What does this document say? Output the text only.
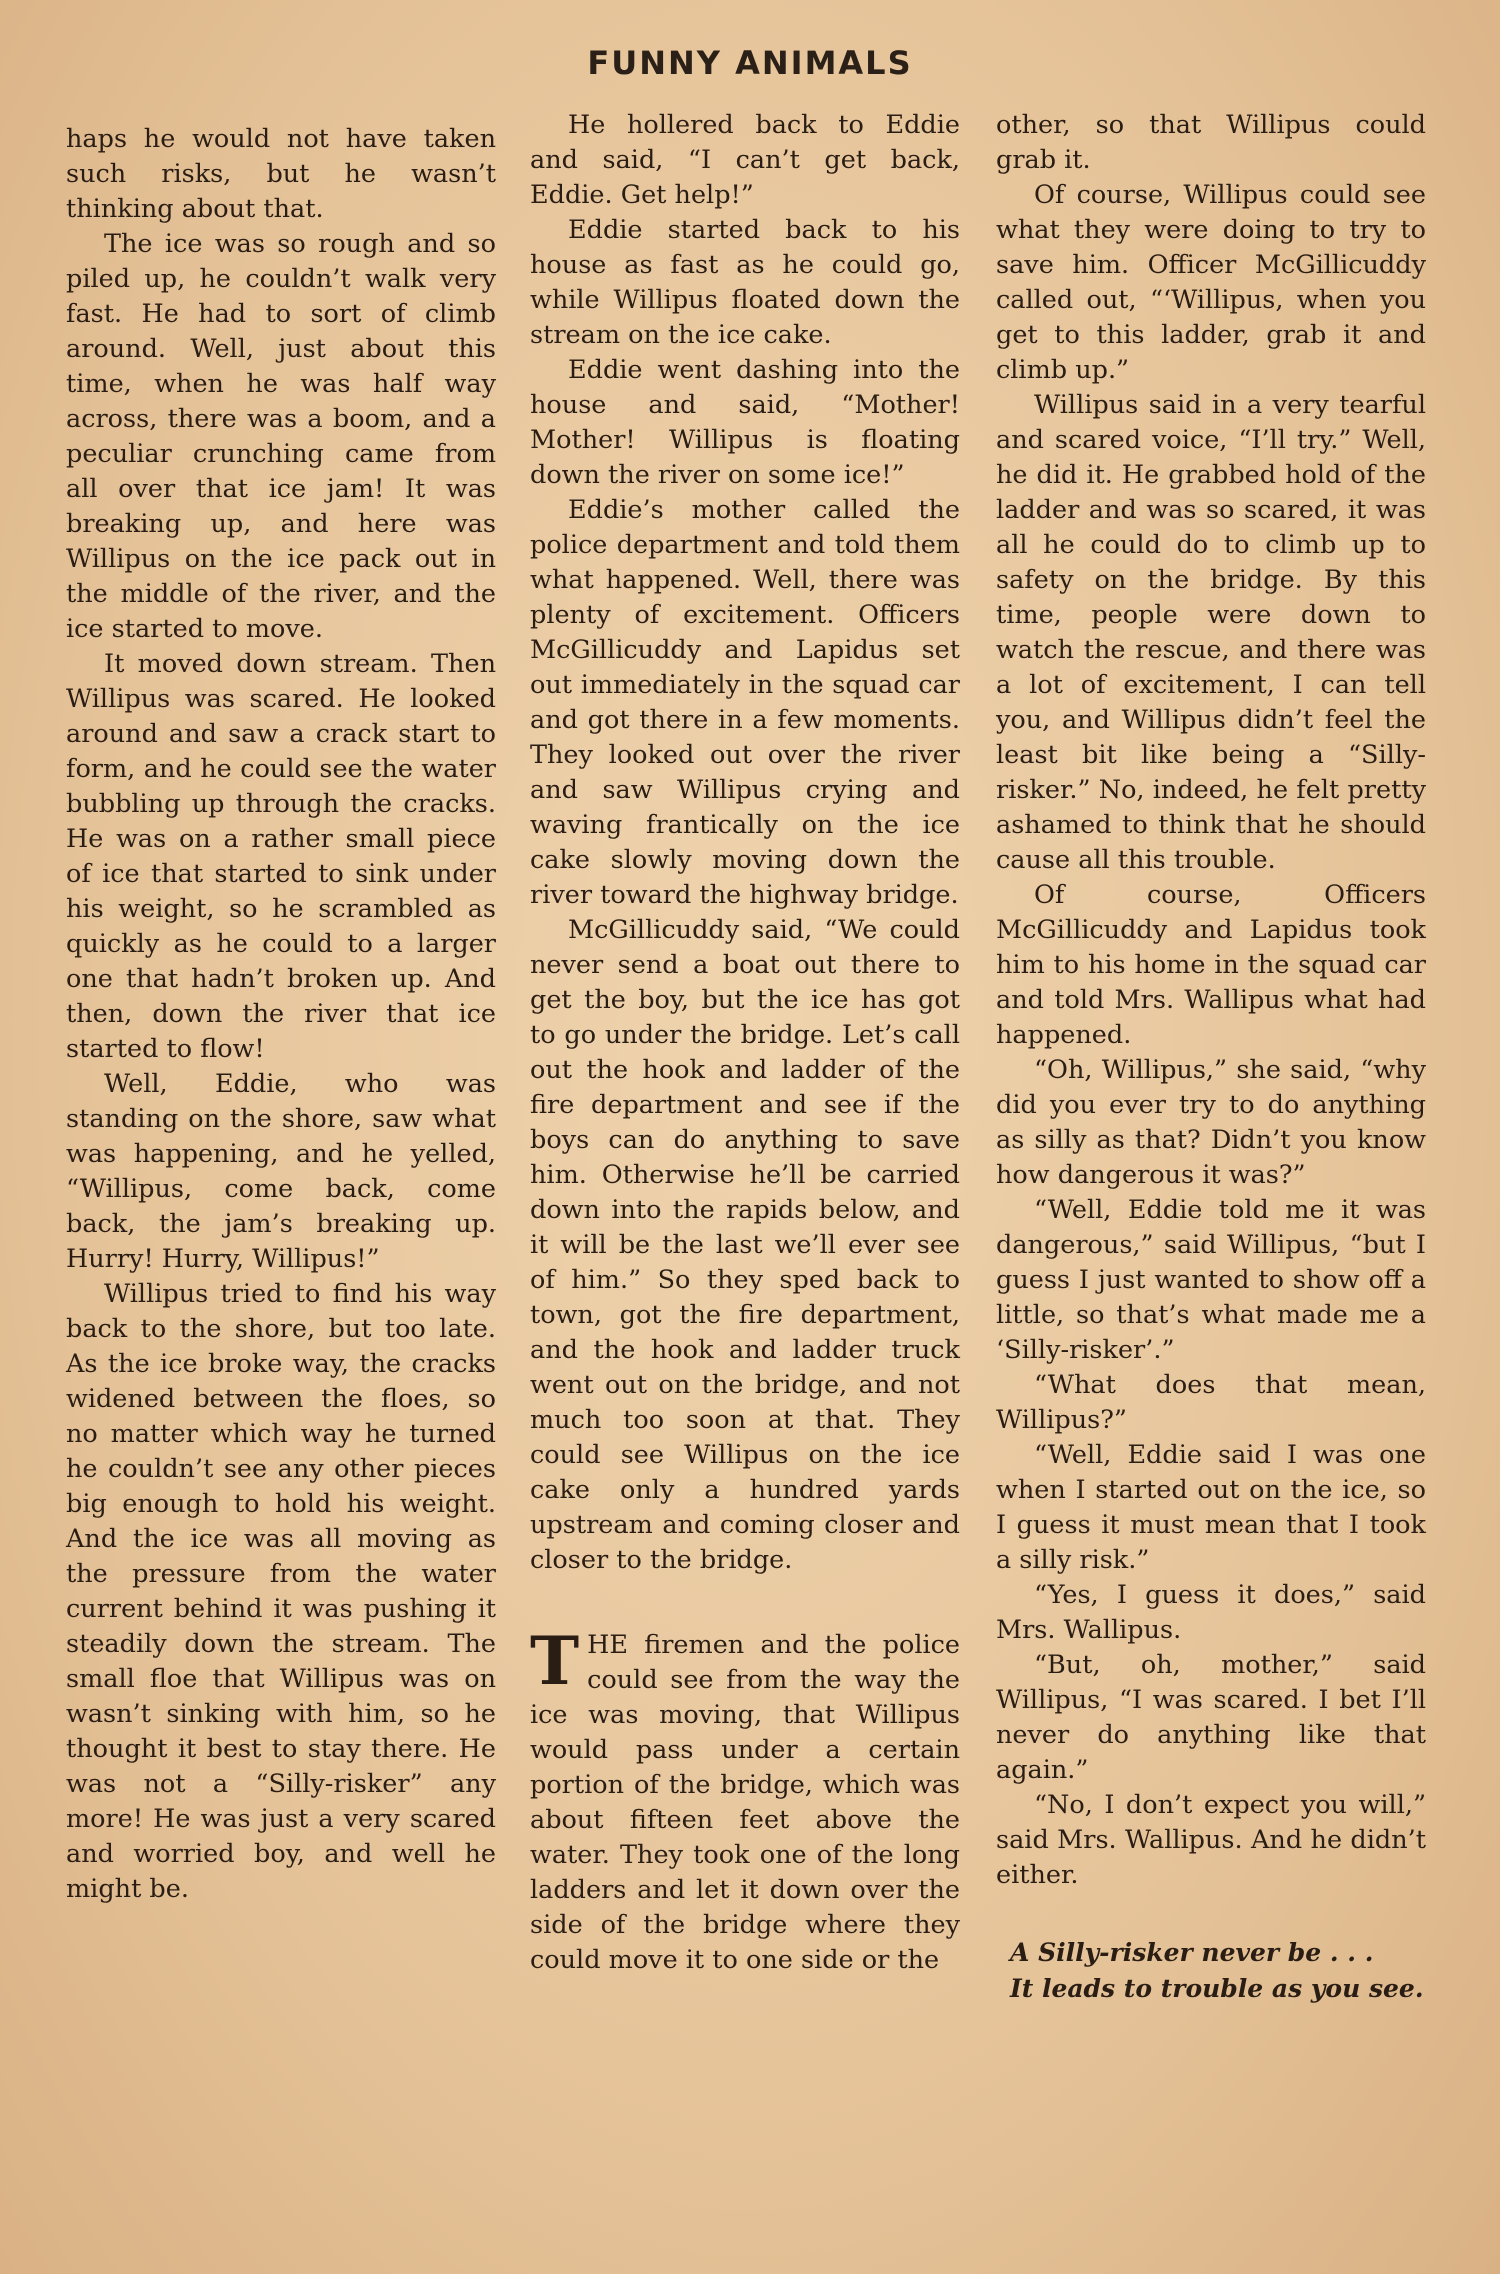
FUNNY ANIMALS

haps he would not have taken such risks, but he wasn’t thinking about that.

The ice was so rough and so piled up, he couldn’t walk very fast. He had to sort of climb around. Well, just about this time, when he was half way across, there was a boom, and a peculiar crunching came from all over that ice jam! It was breaking up, and here was Willipus on the ice pack out in the middle of the river, and the ice started to move.

It moved down stream. Then Willipus was scared. He looked around and saw a crack start to form, and he could see the water bubbling up through the cracks. He was on a rather small piece of ice that started to sink under his weight, so he scrambled as quickly as he could to a larger one that hadn’t broken up. And then, down the river that ice started to flow!

Well, Eddie, who was standing on the shore, saw what was happening, and he yelled, “Willipus, come back, come back, the jam’s breaking up. Hurry! Hurry, Willipus!”

Willipus tried to find his way back to the shore, but too late. As the ice broke way, the cracks widened between the floes, so no matter which way he turned he couldn’t see any other pieces big enough to hold his weight. And the ice was all moving as the pressure from the water current behind it was pushing it steadily down the stream. The small floe that Willipus was on wasn’t sinking with him, so he thought it best to stay there. He was not a “Silly-risker” any more! He was just a very scared and worried boy, and well he might be.

He hollered back to Eddie and said, “I can’t get back, Eddie. Get help!”

Eddie started back to his house as fast as he could go, while Willipus floated down the stream on the ice cake.

Eddie went dashing into the house and said, “Mother! Mother! Willipus is floating down the river on some ice!”

Eddie’s mother called the police department and told them what happened. Well, there was plenty of excitement. Officers McGillicuddy and Lapidus set out immediately in the squad car and got there in a few moments. They looked out over the river and saw Willipus crying and waving frantically on the ice cake slowly moving down the river toward the highway bridge.

McGillicuddy said, “We could never send a boat out there to get the boy, but the ice has got to go under the bridge. Let’s call out the hook and ladder of the fire department and see if the boys can do anything to save him. Otherwise he’ll be carried down into the rapids below, and it will be the last we’ll ever see of him.” So they sped back to town, got the fire department, and the hook and ladder truck went out on the bridge, and not much too soon at that. They could see Willipus on the ice cake only a hundred yards upstream and coming closer and closer to the bridge.

THE firemen and the police could see from the way the ice was moving, that Willipus would pass under a certain portion of the bridge, which was about fifteen feet above the water. They took one of the long ladders and let it down over the side of the bridge where they could move it to one side or the

other, so that Willipus could grab it.

Of course, Willipus could see what they were doing to try to save him. Officer McGillicuddy called out, “‘Willipus, when you get to this ladder, grab it and climb up.”

Willipus said in a very tearful and scared voice, “I’ll try.” Well, he did it. He grabbed hold of the ladder and was so scared, it was all he could do to climb up to safety on the bridge. By this time, people were down to watch the rescue, and there was a lot of excitement, I can tell you, and Willipus didn’t feel the least bit like being a “Silly-risker.” No, indeed, he felt pretty ashamed to think that he should cause all this trouble.

Of course, Officers McGillicuddy and Lapidus took him to his home in the squad car and told Mrs. Wallipus what had happened.

“Oh, Willipus,” she said, “why did you ever try to do anything as silly as that? Didn’t you know how dangerous it was?”

“Well, Eddie told me it was dangerous,” said Willipus, “but I guess I just wanted to show off a little, so that’s what made me a ‘Silly-risker’.”

“What does that mean, Willipus?”

“Well, Eddie said I was one when I started out on the ice, so I guess it must mean that I took a silly risk.”

“Yes, I guess it does,” said Mrs. Wallipus.

“But, oh, mother,” said Willipus, “I was scared. I bet I’ll never do anything like that again.”

“No, I don’t expect you will,” said Mrs. Wallipus. And he didn’t either.

A Silly-risker never be . . .
It leads to trouble as you see.
